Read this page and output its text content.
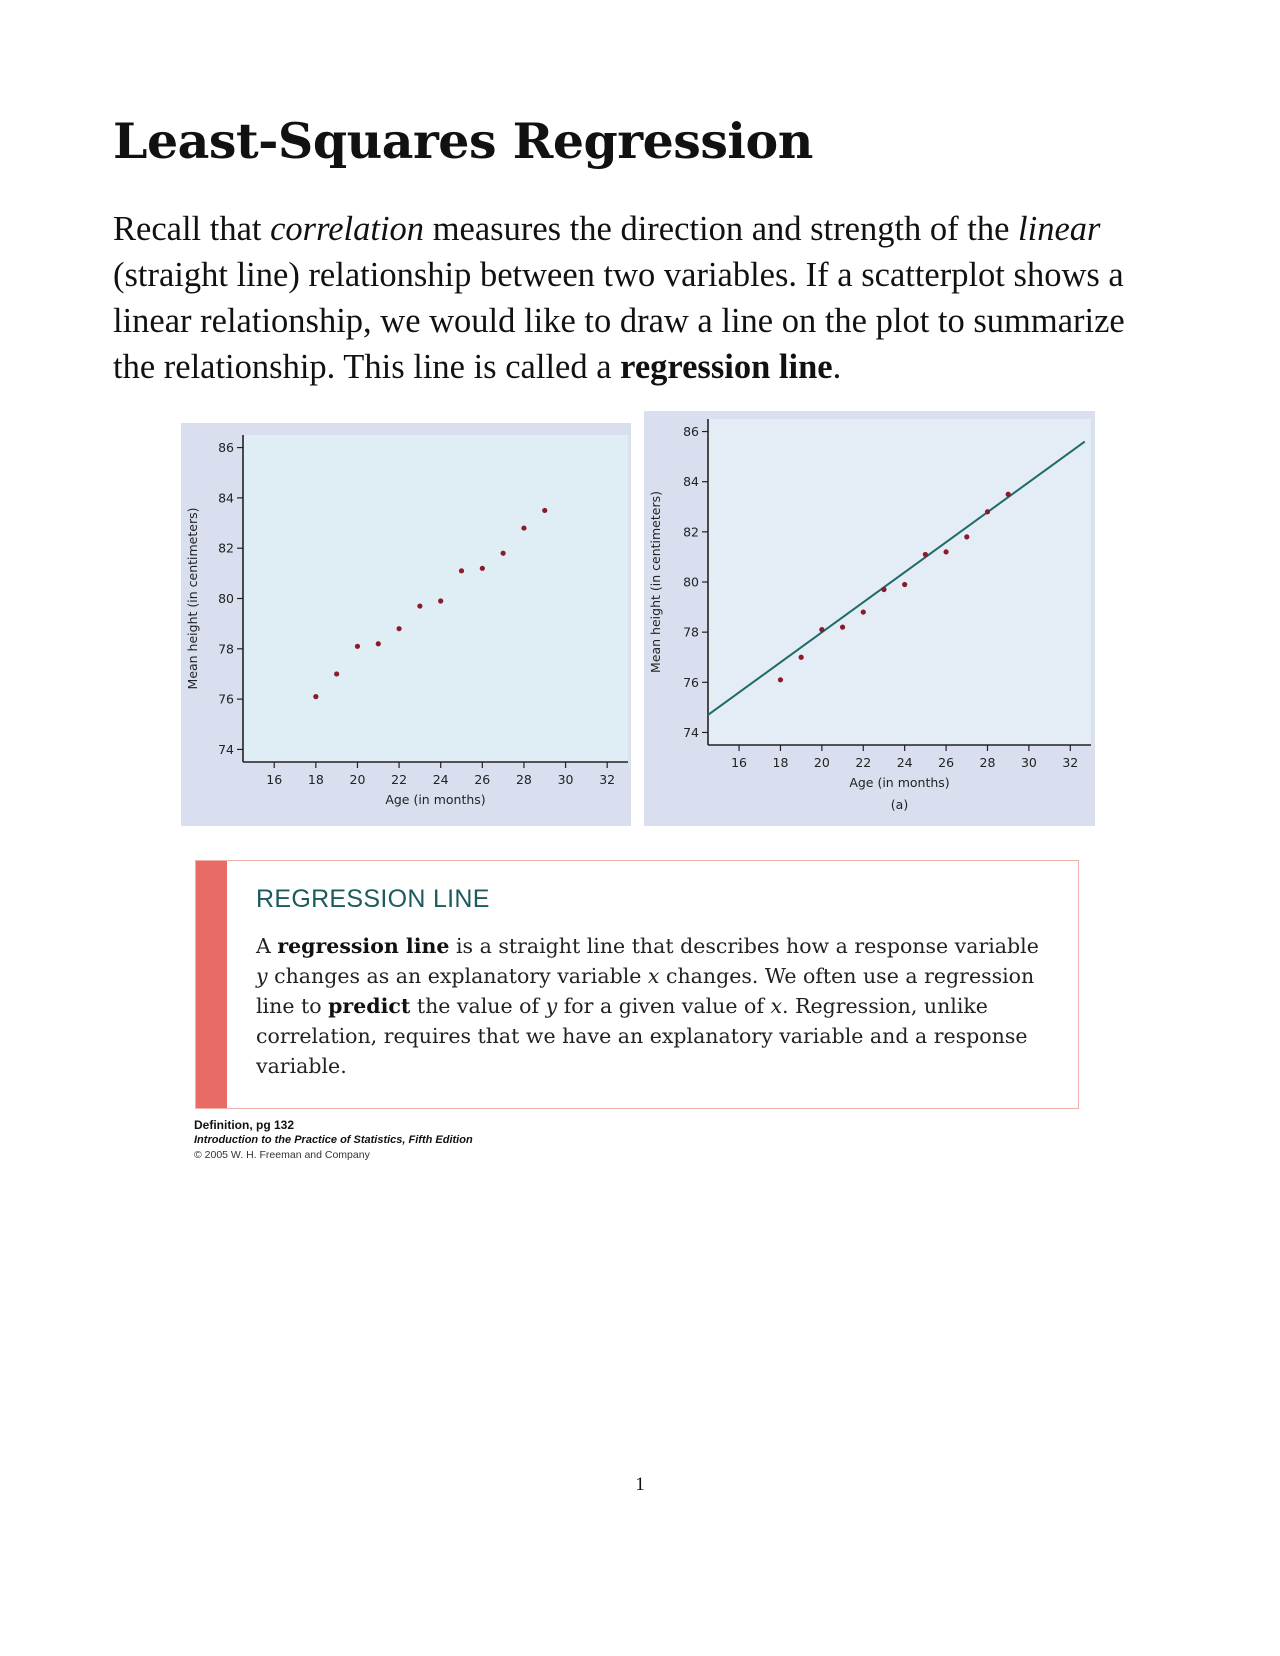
Least-Squares Regression

Recall that correlation measures the direction and strength of the linear (straight line) relationship between two variables. If a scatterplot shows a linear relationship, we would like to draw a line on the plot to summarize the relationship. This line is called a regression line.

16 18 20 22 24 26 28 30 32
74
76
78
80
82
84
86
Age (in months)
Mean height (in centimeters)
16 18 20 22 24 26 28 30 32
74
76
78
80
82
84
86
Age (in months)
Mean height (in centimeters)
(a)
REGRESSION LINE

A regression line is a straight line that describes how a response variable y changes as an explanatory variable x changes. We often use a regression line to predict the value of y for a given value of x. Regression, unlike correlation, requires that we have an explanatory variable and a response variable.

Definition, pg 132
Introduction to the Practice of Statistics, Fifth Edition
© 2005 W. H. Freeman and Company
1
